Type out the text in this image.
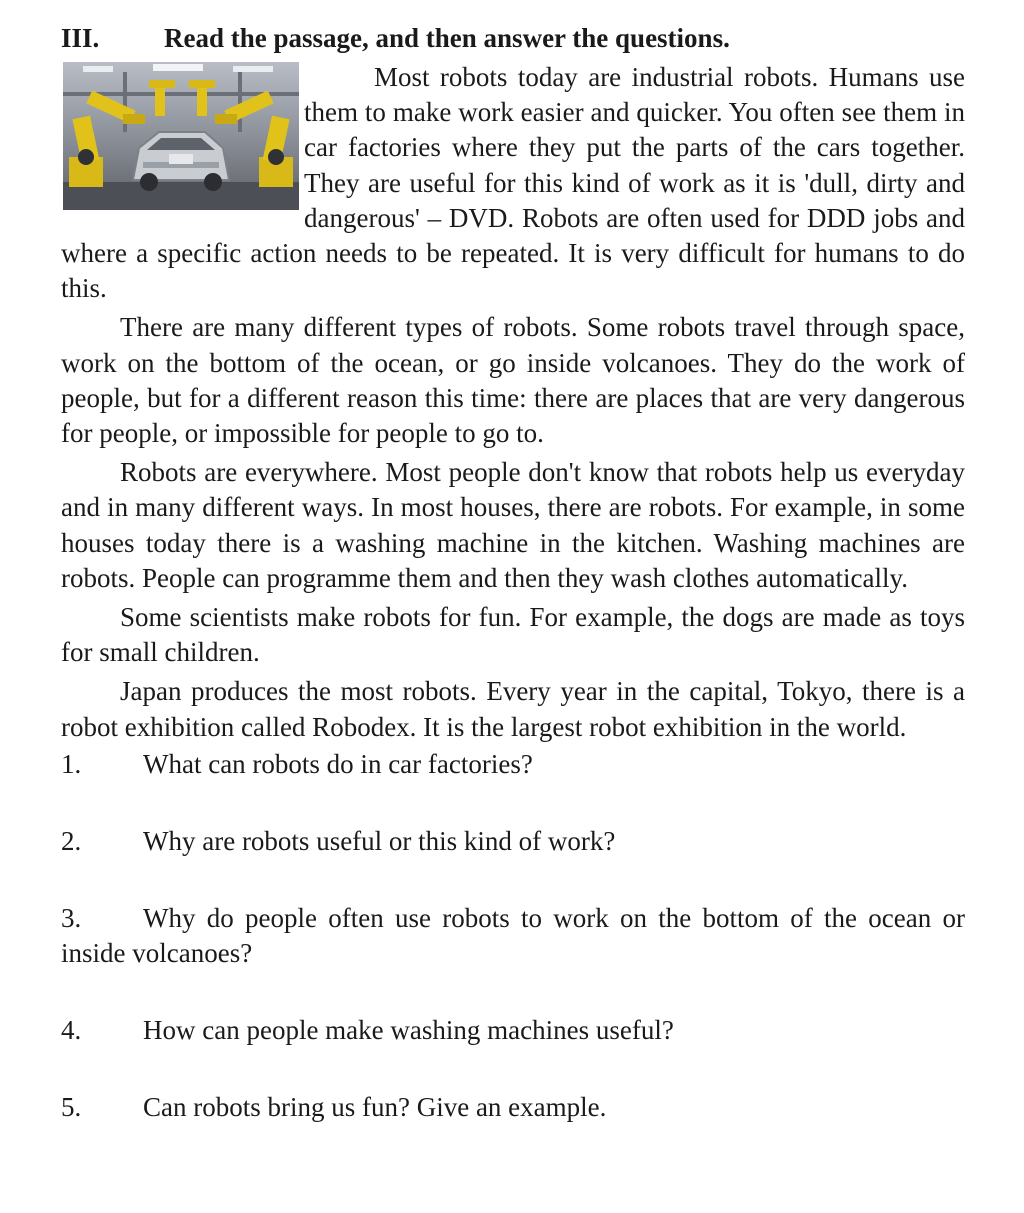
III. Read the passage, and then answer the questions.

Most robots today are industrial robots. Humans use them to make work easier and quicker. You often see them in car factories where they put the parts of the cars together. They are useful for this kind of work as it is 'dull, dirty and dangerous' – DVD. Robots are often used for DDD jobs and where a specific action needs to be repeated. It is very difficult for humans to do this.

There are many different types of robots. Some robots travel through space, work on the bottom of the ocean, or go inside volcanoes. They do the work of people, but for a different reason this time: there are places that are very dangerous for people, or impossible for people to go to.

Robots are everywhere. Most people don't know that robots help us everyday and in many different ways. In most houses, there are robots. For example, in some houses today there is a washing machine in the kitchen. Washing machines are robots. People can programme them and then they wash clothes automatically.

Some scientists make robots for fun. For example, the dogs are made as toys for small children.

Japan produces the most robots. Every year in the capital, Tokyo, there is a robot exhibition called Robodex. It is the largest robot exhibition in the world.

1. What can robots do in car factories?

2. Why are robots useful or this kind of work?

3. Why do people often use robots to work on the bottom of the ocean or inside volcanoes?

4. How can people make washing machines useful?

5. Can robots bring us fun? Give an example.
